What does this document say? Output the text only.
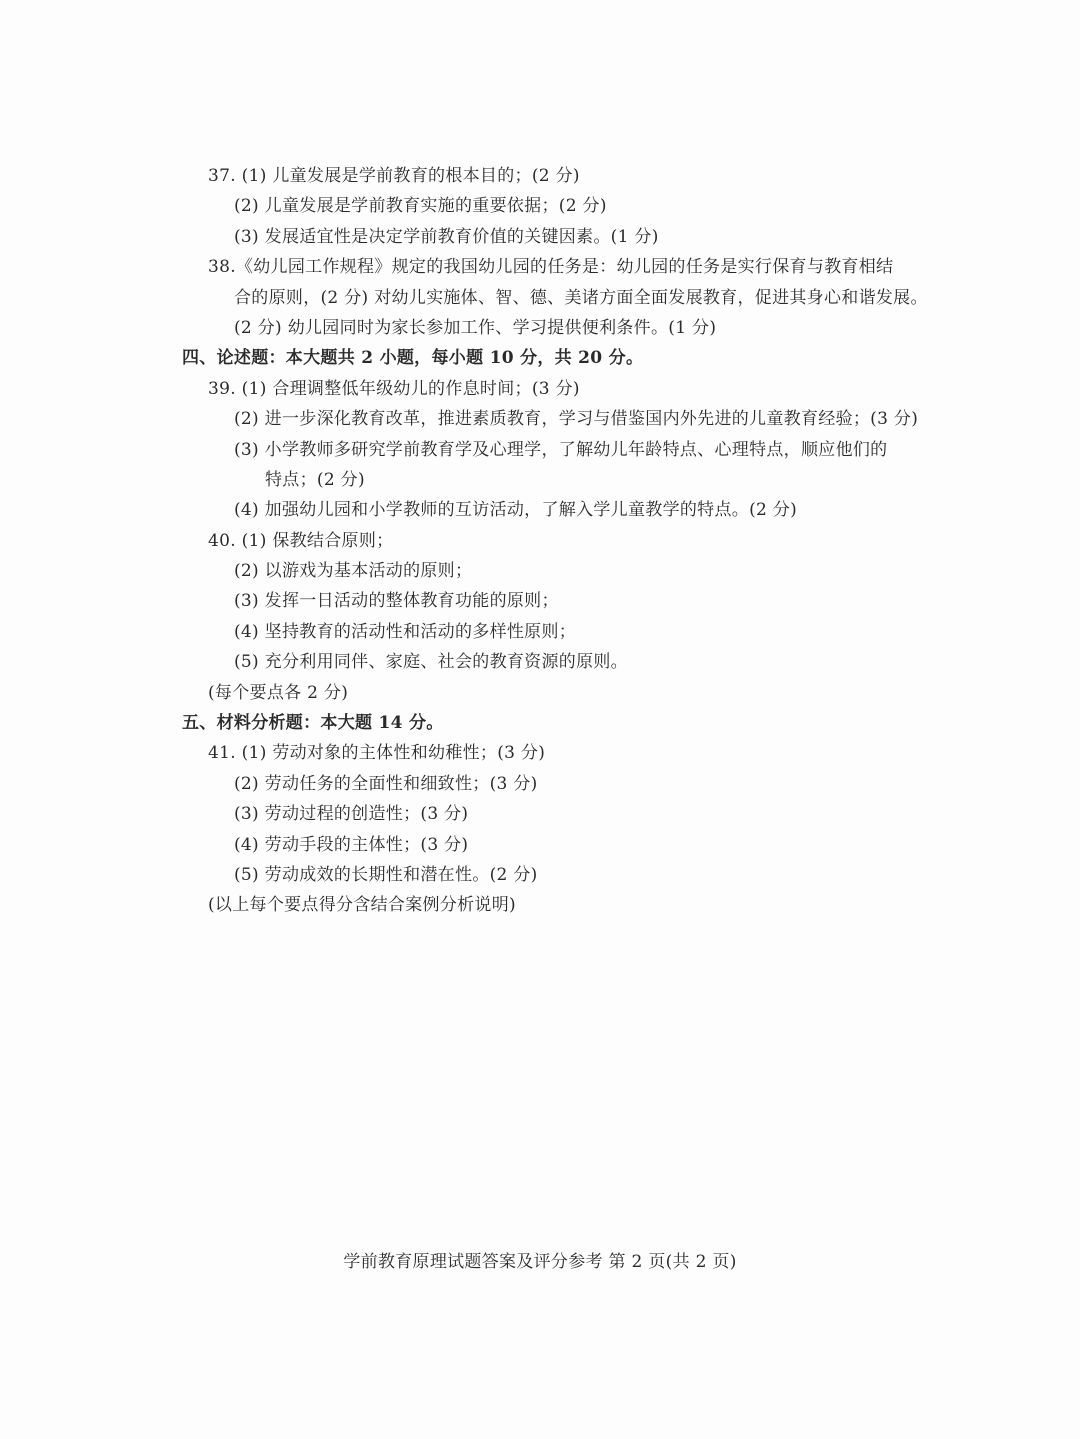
37. (1) 儿童发展是学前教育的根本目的；(2 分)
(2) 儿童发展是学前教育实施的重要依据；(2 分)
(3) 发展适宜性是决定学前教育价值的关键因素。(1 分)
38.《幼儿园工作规程》规定的我国幼儿园的任务是：幼儿园的任务是实行保育与教育相结
合的原则，(2 分) 对幼儿实施体、智、德、美诸方面全面发展教育，促进其身心和谐发展。
(2 分) 幼儿园同时为家长参加工作、学习提供便利条件。(1 分)
四、论述题：本大题共 2 小题，每小题 10 分，共 20 分。
39. (1) 合理调整低年级幼儿的作息时间；(3 分)
(2) 进一步深化教育改革，推进素质教育，学习与借鉴国内外先进的儿童教育经验；(3 分)
(3) 小学教师多研究学前教育学及心理学，了解幼儿年龄特点、心理特点，顺应他们的
特点；(2 分)
(4) 加强幼儿园和小学教师的互访活动，了解入学儿童教学的特点。(2 分)
40. (1) 保教结合原则；
(2) 以游戏为基本活动的原则；
(3) 发挥一日活动的整体教育功能的原则；
(4) 坚持教育的活动性和活动的多样性原则；
(5) 充分利用同伴、家庭、社会的教育资源的原则。
(每个要点各 2 分)
五、材料分析题：本大题 14 分。
41. (1) 劳动对象的主体性和幼稚性；(3 分)
(2) 劳动任务的全面性和细致性；(3 分)
(3) 劳动过程的创造性；(3 分)
(4) 劳动手段的主体性；(3 分)
(5) 劳动成效的长期性和潜在性。(2 分)
(以上每个要点得分含结合案例分析说明)
学前教育原理试题答案及评分参考 第 2 页(共 2 页)
